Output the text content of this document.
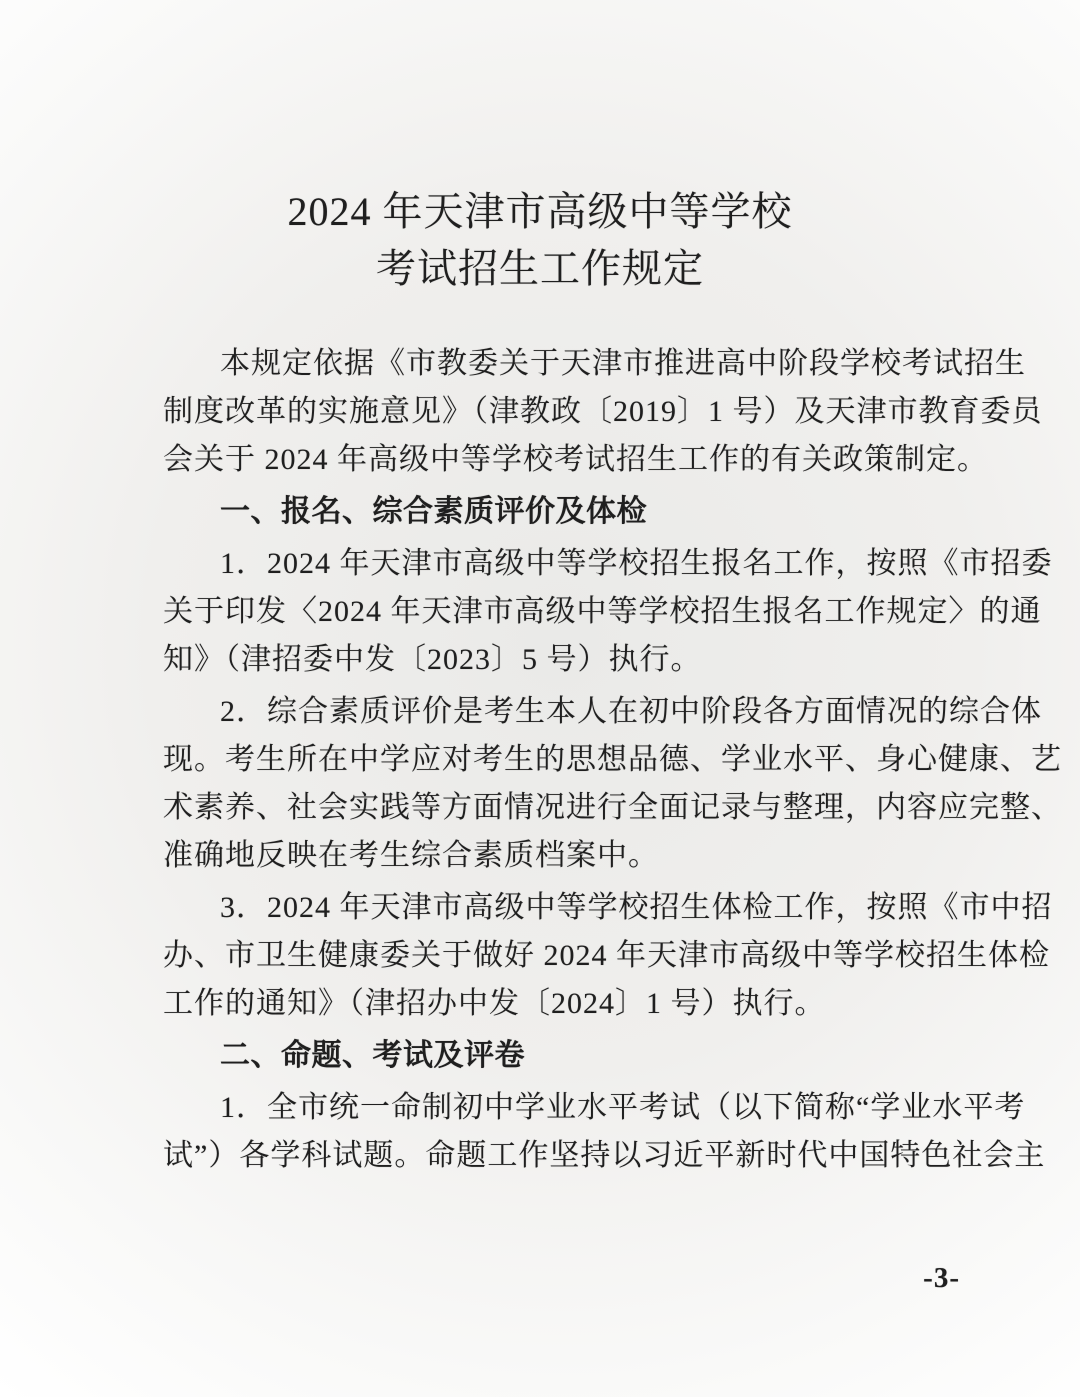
2024 年天津市高级中等学校
考试招生工作规定
本规定依据《市教委关于天津市推进高中阶段学校考试招生
制度改革的实施意见》（津教政〔2019〕1 号）及天津市教育委员
会关于 2024 年高级中等学校考试招生工作的有关政策制定。
一、报名、综合素质评价及体检
1．2024 年天津市高级中等学校招生报名工作，按照《市招委
关于印发〈2024 年天津市高级中等学校招生报名工作规定〉的通
知》（津招委中发〔2023〕5 号）执行。
2．综合素质评价是考生本人在初中阶段各方面情况的综合体
现。考生所在中学应对考生的思想品德、学业水平、身心健康、艺
术素养、社会实践等方面情况进行全面记录与整理，内容应完整、
准确地反映在考生综合素质档案中。
3．2024 年天津市高级中等学校招生体检工作，按照《市中招
办、市卫生健康委关于做好 2024 年天津市高级中等学校招生体检
工作的通知》（津招办中发〔2024〕1 号）执行。
二、命题、考试及评卷
1．全市统一命制初中学业水平考试（以下简称“学业水平考
试”）各学科试题。命题工作坚持以习近平新时代中国特色社会主
-3-
